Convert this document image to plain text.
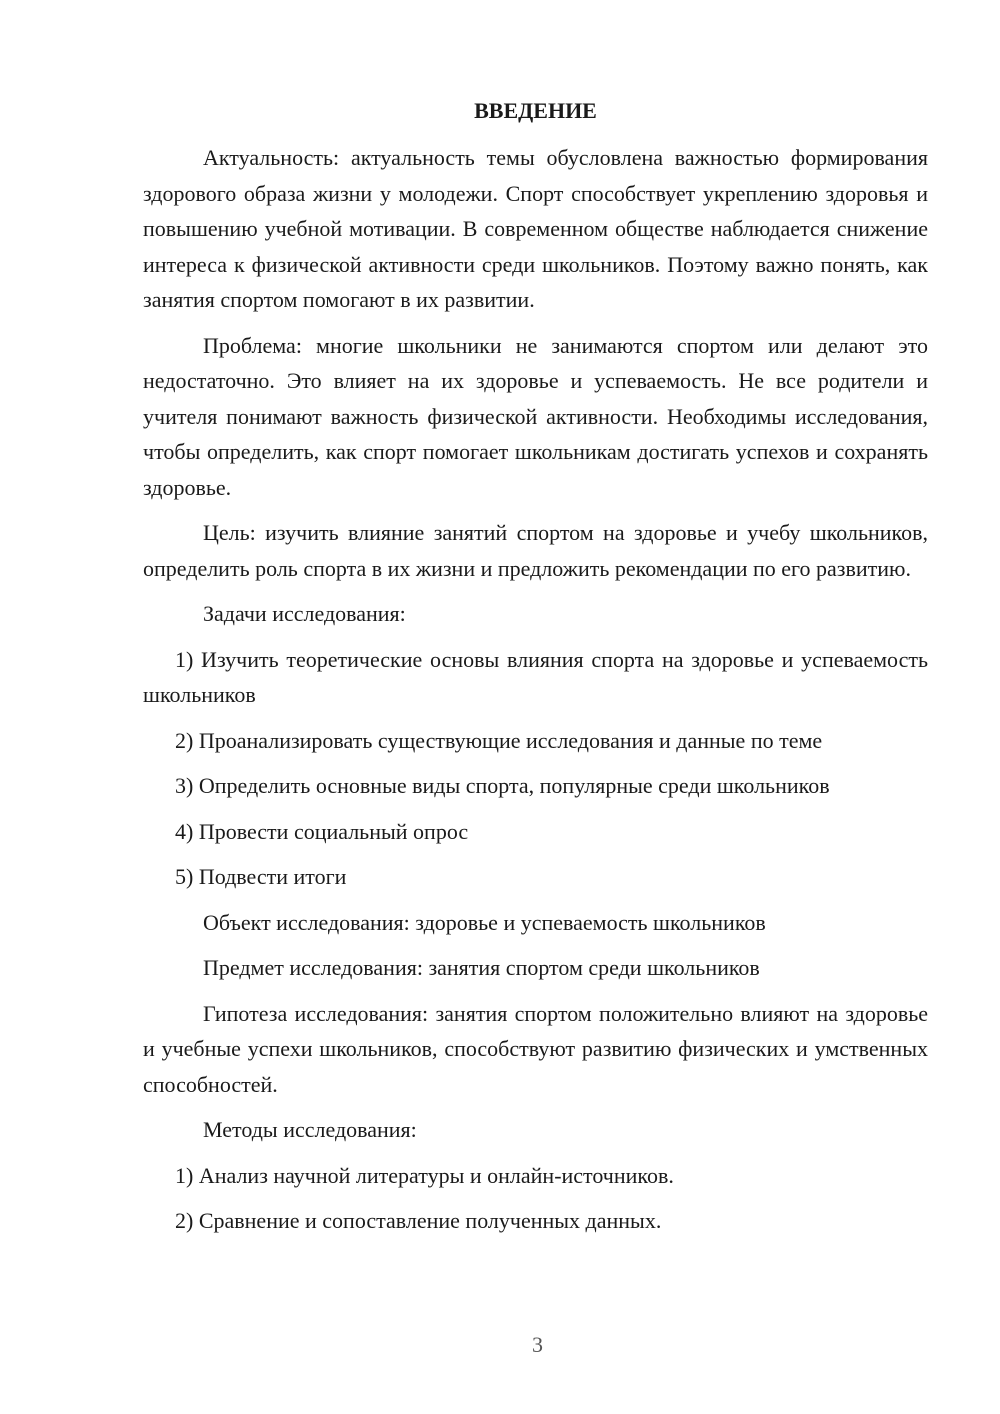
ВВЕДЕНИЕ

Актуальность: актуальность темы обусловлена важностью формирования здорового образа жизни у молодежи. Спорт способствует укреплению здоровья и повышению учебной мотивации. В современном обществе наблюдается снижение интереса к физической активности среди школьников. Поэтому важно понять, как занятия спортом помогают в их развитии.

Проблема: многие школьники не занимаются спортом или делают это недостаточно. Это влияет на их здоровье и успеваемость. Не все родители и учителя понимают важность физической активности. Необходимы исследования, чтобы определить, как спорт помогает школьникам достигать успехов и сохранять здоровье.

Цель: изучить влияние занятий спортом на здоровье и учебу школьников, определить роль спорта в их жизни и предложить рекомендации по его развитию.

Задачи исследования:

1) Изучить теоретические основы влияния спорта на здоровье и успеваемость школьников

2) Проанализировать существующие исследования и данные по теме

3) Определить основные виды спорта, популярные среди школьников

4) Провести социальный опрос

5) Подвести итоги

Объект исследования: здоровье и успеваемость школьников

Предмет исследования: занятия спортом среди школьников

Гипотеза исследования: занятия спортом положительно влияют на здоровье и учебные успехи школьников, способствуют развитию физических и умственных способностей.

Методы исследования:

1) Анализ научной литературы и онлайн-источников.

2) Сравнение и сопоставление полученных данных.

3
